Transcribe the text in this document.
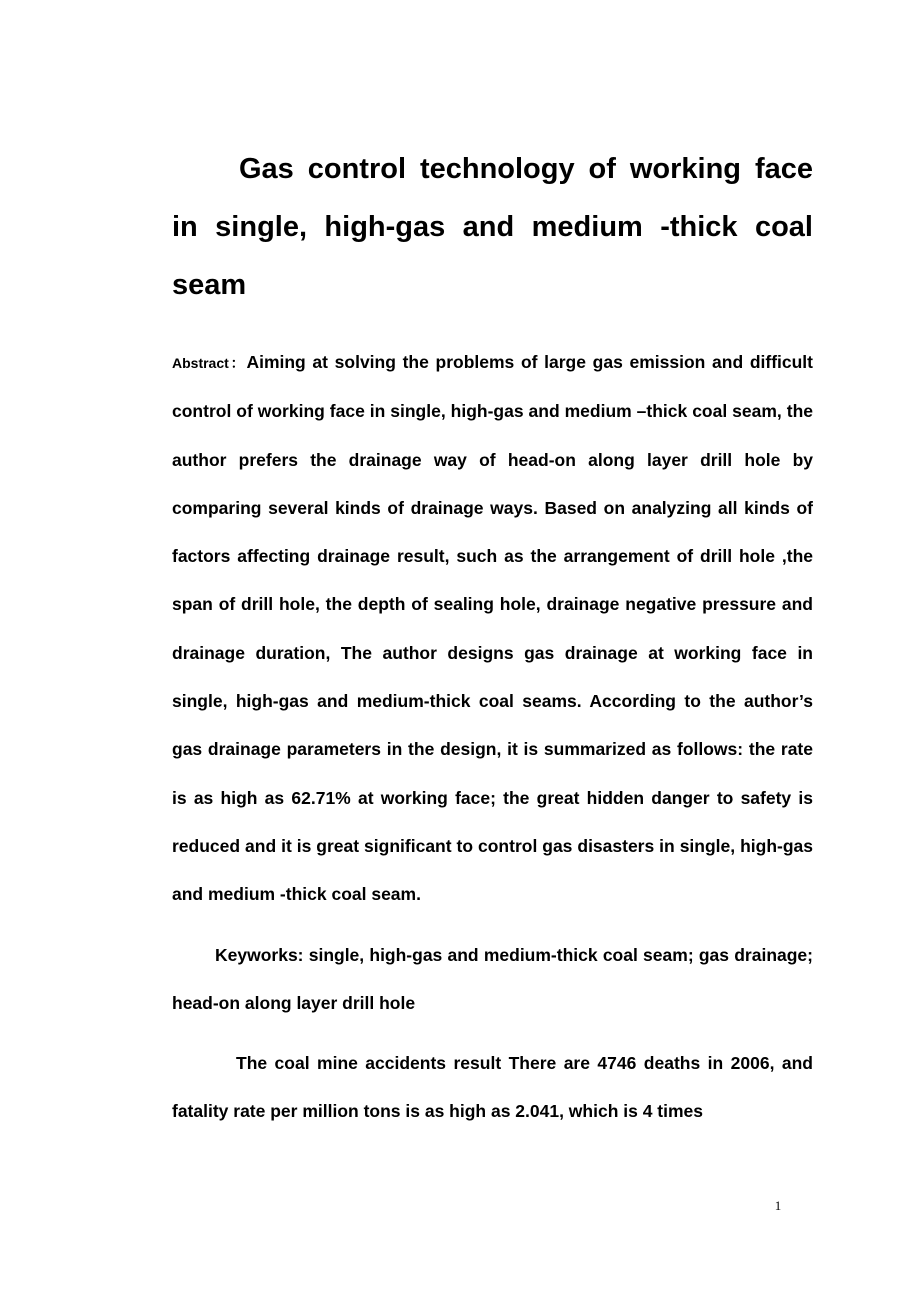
Gas control technology of working face in single, high-gas and medium -thick coal seam

Abstract：Aiming at solving the problems of large gas emission and difficult control of working face in single, high-gas and medium –thick coal seam, the author prefers the drainage way of head-on along layer drill hole by comparing several kinds of drainage ways. Based on analyzing all kinds of factors affecting drainage result, such as the arrangement of drill hole ,the span of drill hole, the depth of sealing hole, drainage negative pressure and drainage duration, The author designs gas drainage at working face in single, high-gas and medium-thick coal seams. According to the author’s gas drainage parameters in the design, it is summarized as follows: the rate is as high as 62.71% at working face; the great hidden danger to safety is reduced and it is great significant to control gas disasters in single, high-gas and medium -thick coal seam.

Keyworks: single, high-gas and medium-thick coal seam; gas drainage; head-on along layer drill hole

The coal mine accidents result There are 4746 deaths in 2006, and fatality rate per million tons is as high as 2.041, which is 4 times

1
